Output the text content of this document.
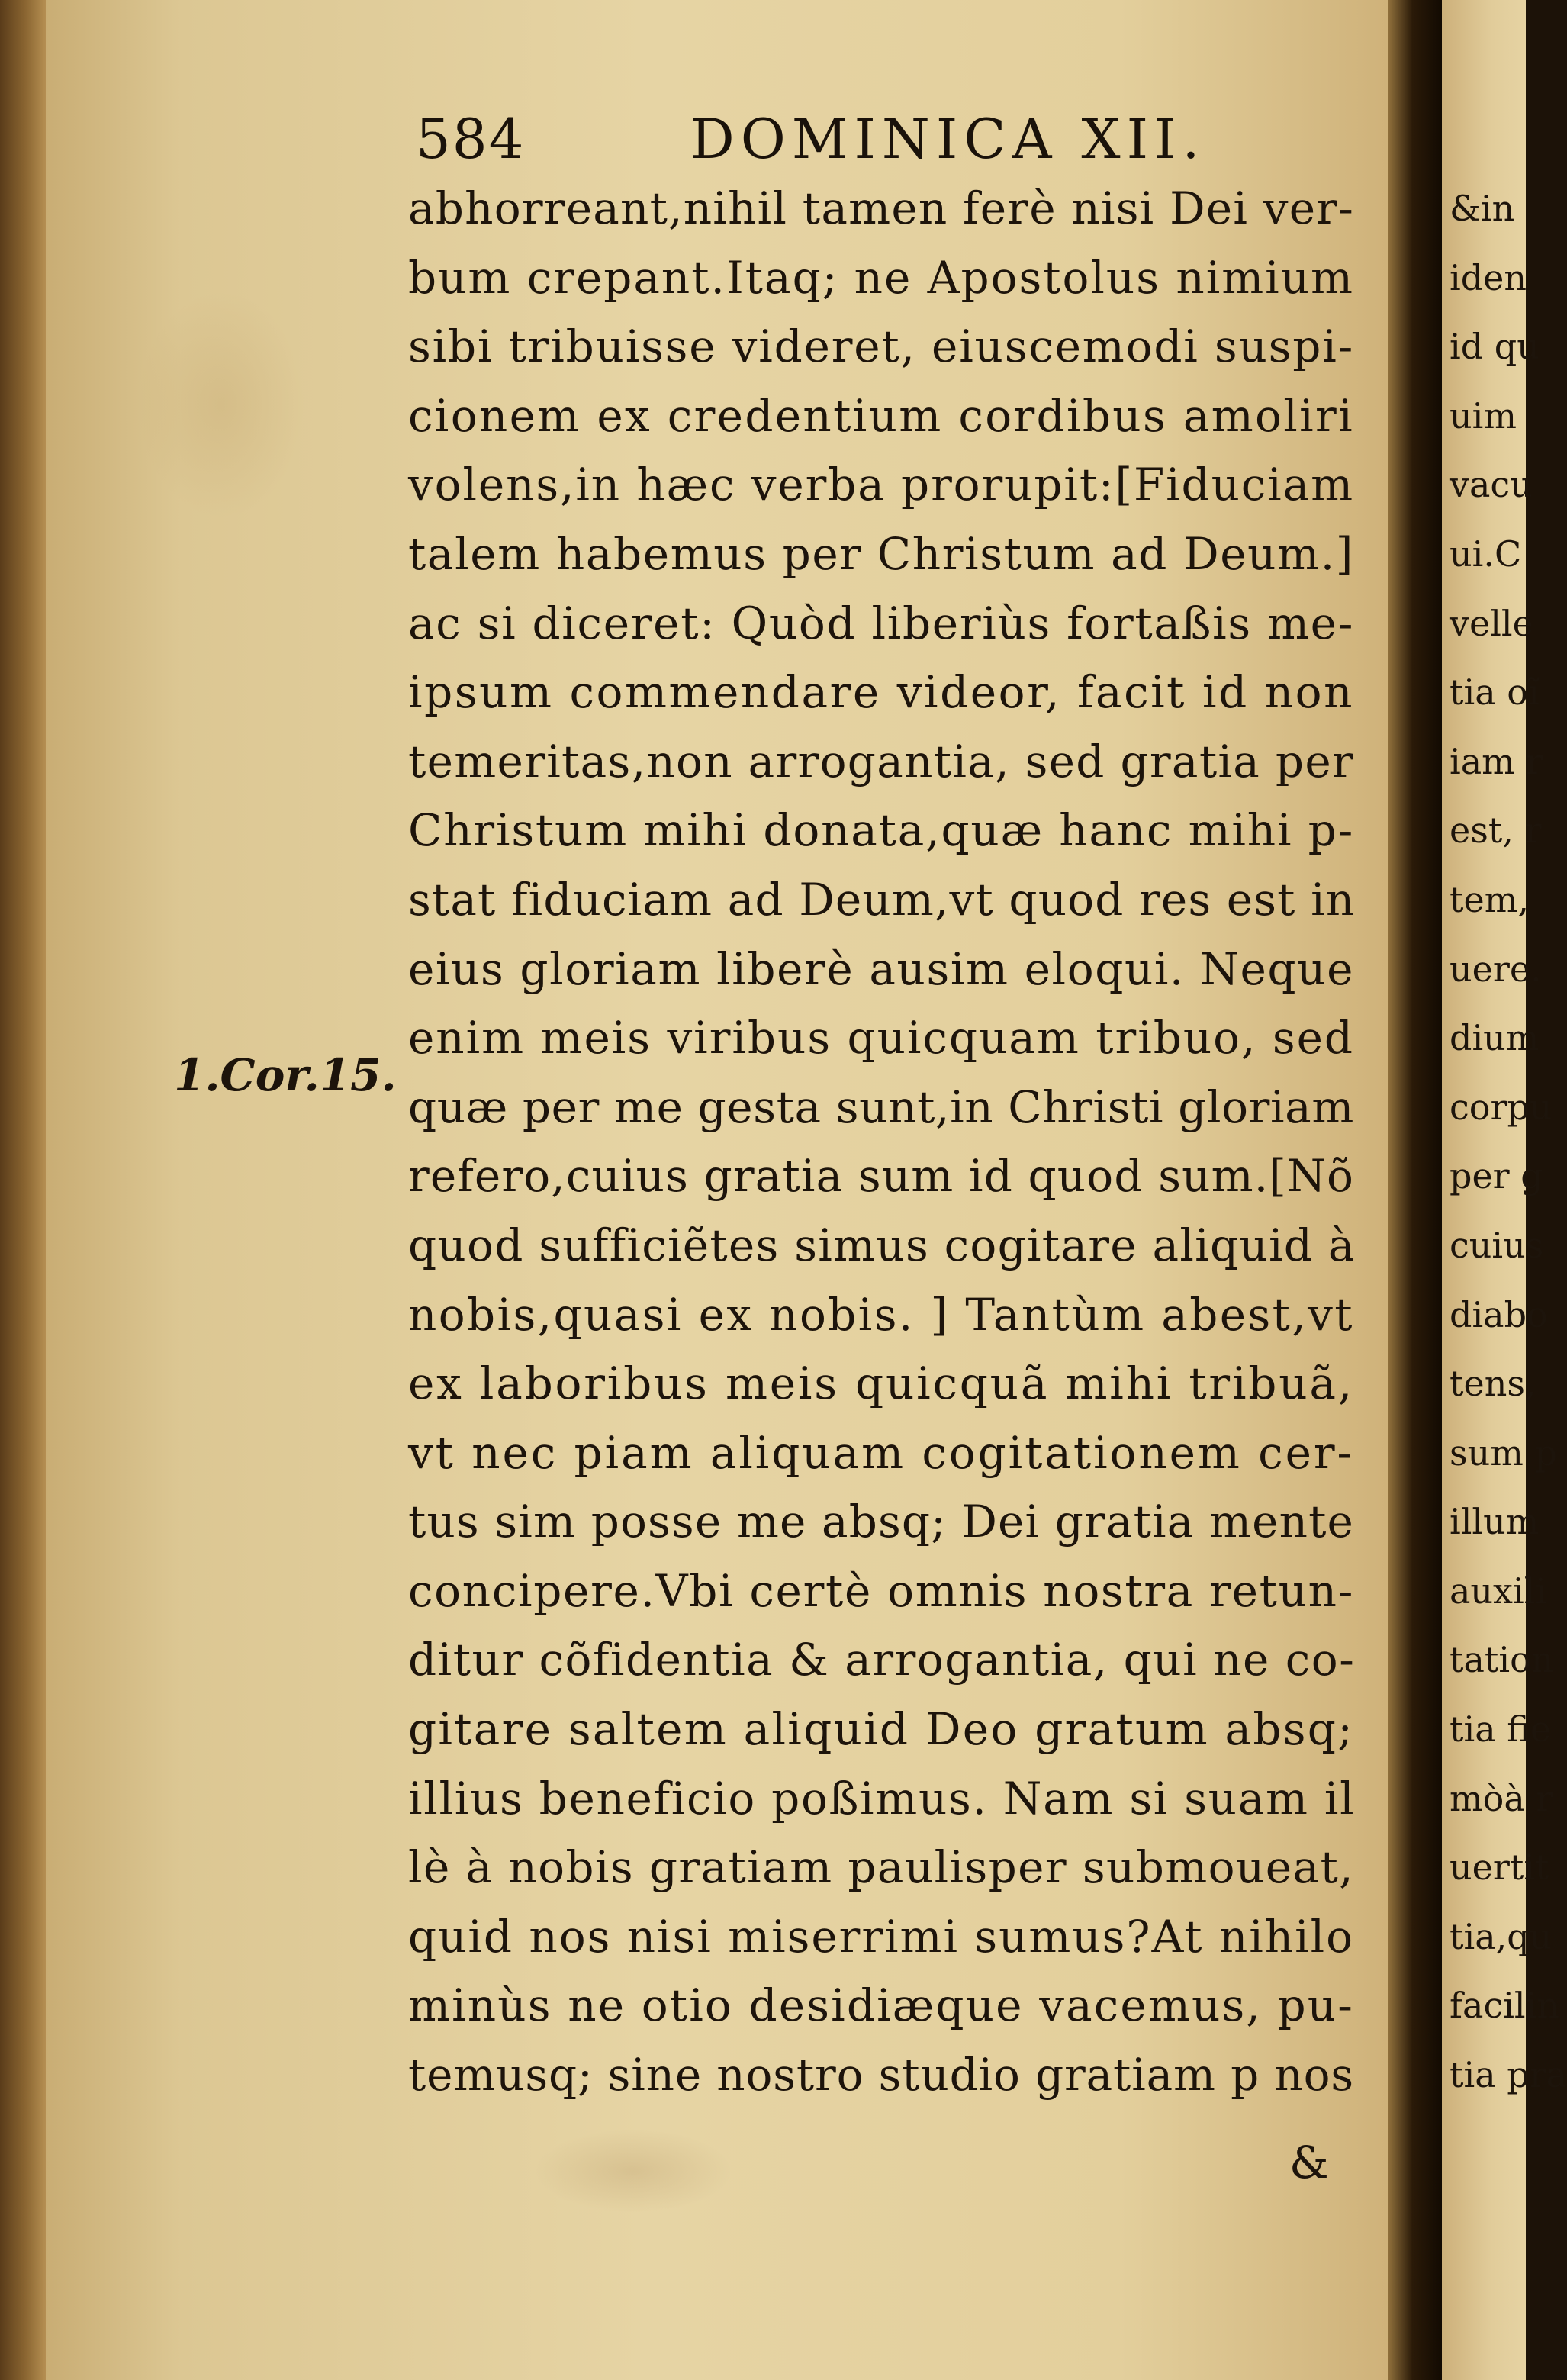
584	DOMINICA XII.
1.Cor.15.
abhorreant,nihil tamen ferè nisi Dei ver-
bum crepant.Itaq; ne Apostolus nimium
sibi tribuisse videret, eiuscemodi suspi-
cionem ex credentium cordibus amoliri
volens,in hæc verba prorupit:[Fiduciam
talem habemus per Christum ad Deum.]
ac si diceret: Quòd liberiùs fortaßis me-
ipsum commendare videor, facit id non
temeritas,non arrogantia, sed gratia per
Christum mihi donata,quæ hanc mihi p-
stat fiduciam ad Deum,vt quod res est in
eius gloriam liberè ausim eloqui. Neque
enim meis viribus quicquam tribuo, sed
quæ per me gesta sunt,in Christi gloriam
refero,cuius gratia sum id quod sum.[Nõ
quod sufficiẽtes simus cogitare aliquid à
nobis,quasi ex nobis. ] Tantùm abest,vt
ex laboribus meis quicquã mihi tribuã,
vt nec piam aliquam cogitationem cer-
tus sim posse me absq; Dei gratia mente
concipere.Vbi certè omnis nostra retun-
ditur cõfidentia & arrogantia, qui ne co-
gitare saltem aliquid Deo gratum absq;
illius beneficio poßimus. Nam si suam il
lè à nobis gratiam paulisper submoueat,
quid nos nisi miserrimi sumus?At nihilo
minùs ne otio desidiæque vacemus, pu-
temusq; sine nostro studio gratiam p nos
&
&in
iden
id qu
uim
vacu
ui.C
velle
tia oĩ
iam r
est, r
tem,
uere.
dium
corpu
per g
cuius
diabo
tens,
sum p
illum
auxili
tation
tia fie
mòà r
uertit
tia,qu
facilin
tia pra
